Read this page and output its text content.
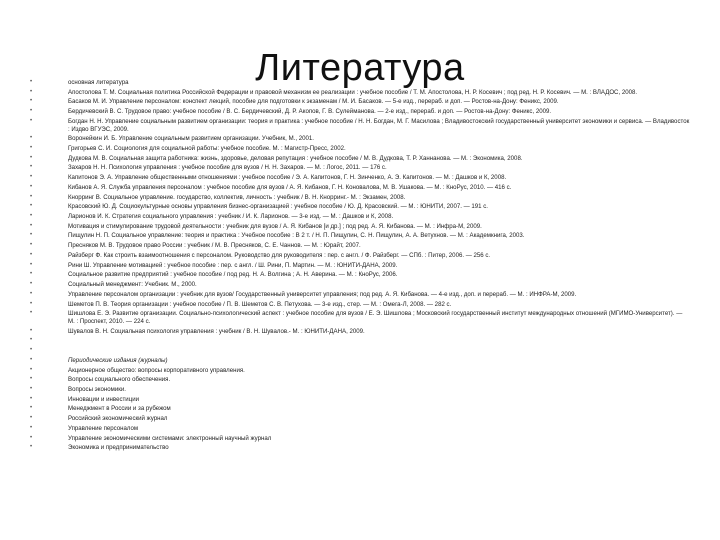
Литература
• основная литература
• Апостолова Т. М. Социальная политика Российской Федерации и правовой механизм ее реализации : учебное пособие / Т. М. Апостолова, Н. Р. Косевич ; под ред. Н. Р. Косевич. — М. : ВЛАДОС, 2008.
• Басаков М. И. Управление персоналом: конспект лекций, пособие для подготовки к экзаменам / М. И. Басаков. — 5-е изд., перераб. и доп. — Ростов-на-Дону: Феникс, 2009.
• Бердичевский В. С. Трудовое право: учебное пособие / В. С. Бердичевский, Д. Р. Акопов, Г. В. Сулейманова. — 2-е изд., перераб. и доп. — Ростов-на-Дону: Феникс, 2009.
• Богдан Н. Н. Управление социальным развитием организации: теория и практика : учебное пособие / Н. Н. Богдан, М. Г. Масилова ; Владивостокский государственный университет экономики и сервиса. — Владивосток : Издво ВГУЭС, 2009.
• Воронейкин И. Б. Управление социальным развитием организации. Учебник, М., 2001.
• Григорьев С. И. Социология для социальной работы: учебное пособие. М. : Магистр-Пресс, 2002.
• Дудкова М. В. Социальная защита работника: жизнь, здоровье, деловая репутация : учебное пособие / М. В. Дудкова, Т. Р. Ханнанова. — М. : Экономика, 2008.
• Захаров Н. Н. Психология управления : учебное пособие для вузов / Н. Н. Захаров. — М. : Логос, 2011. — 176 с.
• Капитонов Э. А. Управление общественными отношениями : учебное пособие / Э. А. Капитонов, Г. Н. Зинченко, А. Э. Капитонов. — М. : Дашков и К, 2008.
• Кибанов А. Я. Служба управления персоналом : учебное пособие для вузов / А. Я. Кибанов, Г. Н. Коновалова, М. В. Ушакова. — М. : КноРус, 2010. — 416 с.
• Кнорринг В. Социальное управление. государство, коллектив, личность : учебник / В. Н. Кнорринг.- М. : Экзамен, 2008.
• Красовский Ю. Д. Социокультурные основы управления бизнес-организацией : учебное пособие / Ю. Д. Красовский. — М. : ЮНИТИ, 2007. — 191 с.
• Ларионов И. К. Стратегия социального управления : учебник / И. К. Ларионов. — 3-е изд. — М. : Дашков и К, 2008.
• Мотивация и стимулирование трудовой деятельности : учебник для вузов / А. Я. Кибанов [и др.] ; под ред. А. Я. Кибанова. — М. : Инфра-М, 2009.
• Пищулин Н. П. Социальное управление: теория и практика : Учебное пособие : В 2 т. / Н. П. Пищулин, С. Н. Пищулин, А. А. Ветухнов. — М. : Академкнига, 2003.
• Пресняков М. В. Трудовое право России : учебник / М. В. Пресняков, С. Е. Чаннов. — М. : Юрайт, 2007.
• Райзберг Ф. Как строить взаимоотношения с персоналом. Руководство для руководителя : пер. с англ. / Ф. Райзберг. — СПб. : Питер, 2006. — 256 с.
• Рини Ш. Управление мотивацией : учебное пособие : пер. с англ. / Ш. Рини, П. Мартин. — М. : ЮНИТИ-ДАНА, 2009.
• Социальное развитие предприятий : учебное пособие / под ред. Н. А. Волгина ; А. Н. Аверина. — М. : КноРус, 2006.
• Социальный менеджмент: Учебник. М., 2000.
• Управление персоналом организации : учебник для вузов/ Государственный университет управления; под ред. А. Я. Кибанова. — 4-е изд., доп. и перераб. — М. : ИНФРА-М, 2009.
• Шеметов П. В. Теория организации : учебное пособие / П. В. Шеметов С. В. Петухова. — 3-е изд., стер. — М. : Омега-Л, 2008. — 282 с.
• Шишлова Е. Э. Развитие организации. Социально-психологический аспект : учебное пособие для вузов / Е. Э. Шишлова ; Московский государственный институт международных отношений (МГИМО-Университет). — М. : Проспект, 2010. — 224 с.
• Шувалов В. Н. Социальная психология управления : учебник / В. Н. Шувалов.- М. : ЮНИТИ-ДАНА, 2009.
•
•
• Периодические издания (журналы)
• Акционерное общество: вопросы корпоративного управления.
• Вопросы социального обеспечения.
• Вопросы экономики.
• Инновации и инвестиции
• Менеджмент в России и за рубежом
• Российский экономический журнал
• Управление персоналом
• Управление экономическими системами: электронный научный журнал
• Экономика и предпринимательство
